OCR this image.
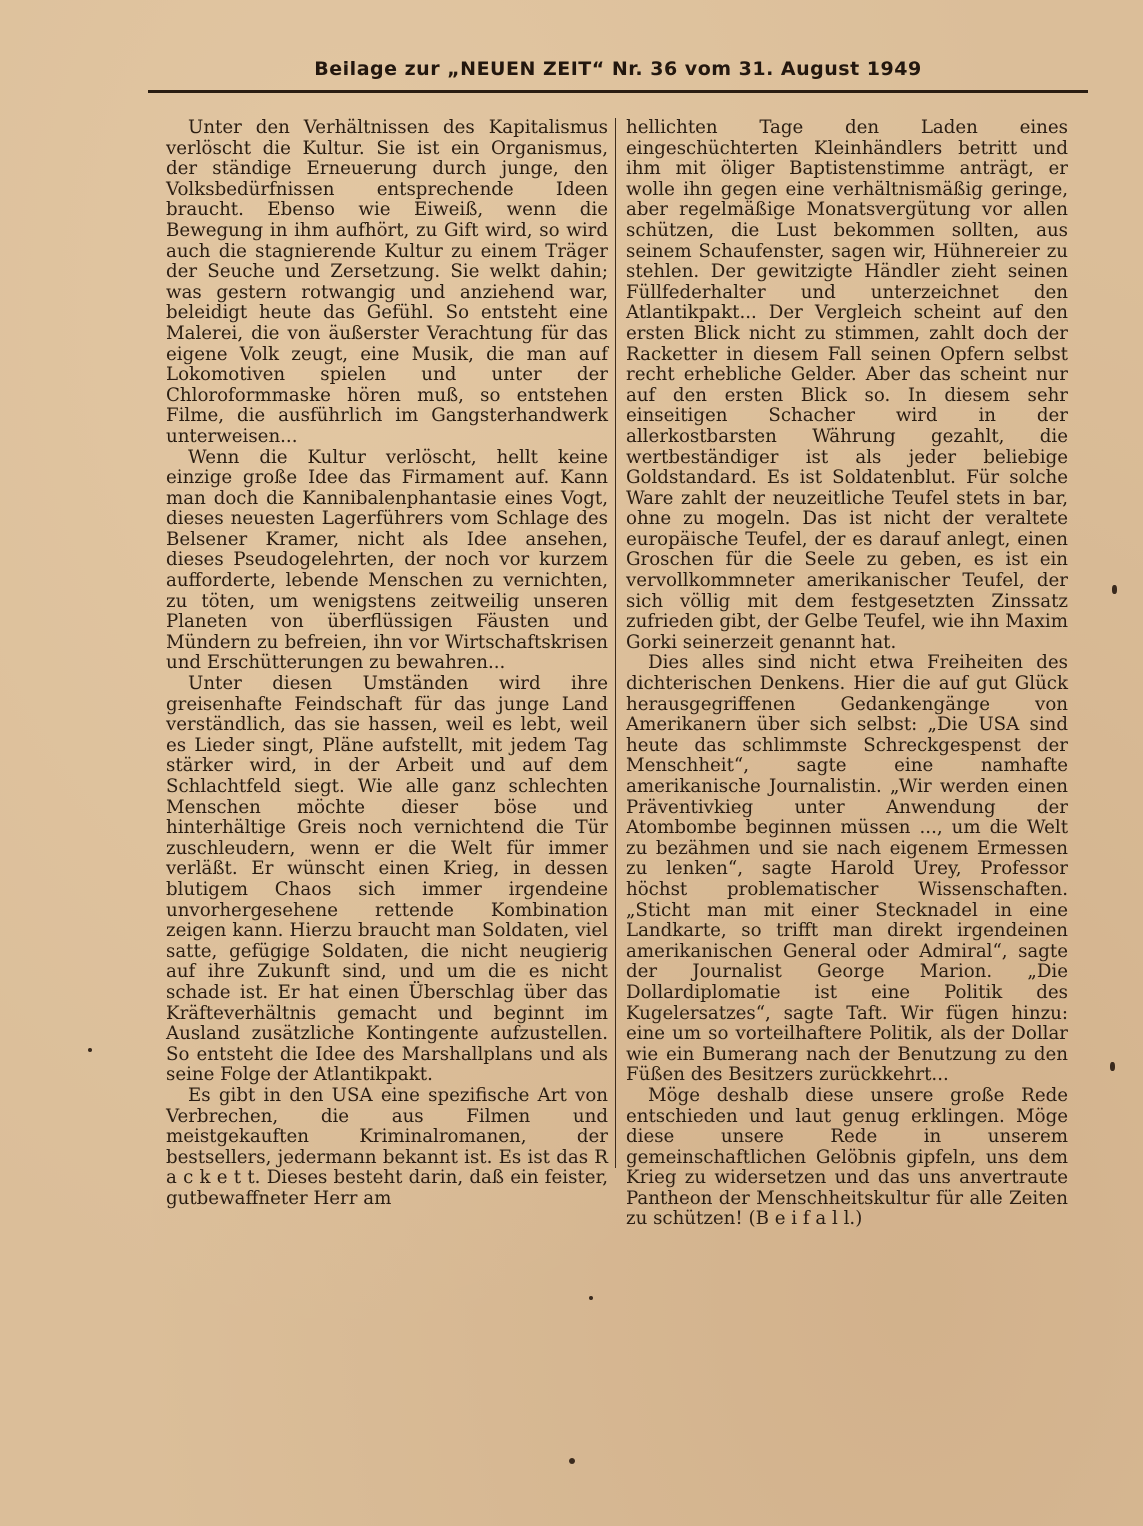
Beilage zur „NEUEN ZEIT“ Nr. 36 vom 31. August 1949

Unter den Verhältnissen des Kapitalismus verlöscht die Kultur. Sie ist ein Organismus, der ständige Erneuerung durch junge, den Volksbedürfnissen entsprechende Ideen braucht. Ebenso wie Eiweiß, wenn die Bewegung in ihm aufhört, zu Gift wird, so wird auch die stagnierende Kultur zu einem Träger der Seuche und Zersetzung. Sie welkt dahin; was gestern rotwangig und anziehend war, beleidigt heute das Gefühl. So entsteht eine Malerei, die von äußerster Verachtung für das eigene Volk zeugt, eine Musik, die man auf Lokomotiven spielen und unter der Chloroformmaske hören muß, so entstehen Filme, die ausführlich im Gangsterhandwerk unterweisen...

Wenn die Kultur verlöscht, hellt keine einzige große Idee das Firmament auf. Kann man doch die Kannibalenphantasie eines Vogt, dieses neuesten Lagerführers vom Schlage des Belsener Kramer, nicht als Idee ansehen, dieses Pseudogelehrten, der noch vor kurzem aufforderte, lebende Menschen zu vernichten, zu töten, um wenigstens zeitweilig unseren Planeten von überflüssigen Fäusten und Mündern zu befreien, ihn vor Wirtschaftskrisen und Erschütterungen zu bewahren...

Unter diesen Umständen wird ihre greisenhafte Feindschaft für das junge Land verständlich, das sie hassen, weil es lebt, weil es Lieder singt, Pläne aufstellt, mit jedem Tag stärker wird, in der Arbeit und auf dem Schlachtfeld siegt. Wie alle ganz schlechten Menschen möchte dieser böse und hinterhältige Greis noch vernichtend die Tür zuschleudern, wenn er die Welt für immer verläßt. Er wünscht einen Krieg, in dessen blutigem Chaos sich immer irgendeine unvorhergesehene rettende Kombination zeigen kann. Hierzu braucht man Soldaten, viel satte, gefügige Soldaten, die nicht neugierig auf ihre Zukunft sind, und um die es nicht schade ist. Er hat einen Überschlag über das Kräfteverhältnis gemacht und beginnt im Ausland zusätzliche Kontingente aufzustellen. So entsteht die Idee des Marshallplans und als seine Folge der Atlantikpakt.

Es gibt in den USA eine spezifische Art von Verbrechen, die aus Filmen und meistgekauften Kriminalromanen, der bestsellers, jedermann bekannt ist. Es ist das R a c k e t t. Dieses besteht darin, daß ein feister, gutbewaffneter Herr am

hellichten Tage den Laden eines eingeschüchterten Kleinhändlers betritt und ihm mit öliger Baptistenstimme anträgt, er wolle ihn gegen eine verhältnismäßig geringe, aber regelmäßige Monatsvergütung vor allen schützen, die Lust bekommen sollten, aus seinem Schaufenster, sagen wir, Hühnereier zu stehlen. Der gewitzigte Händler zieht seinen Füllfederhalter und unterzeichnet den Atlantikpakt... Der Vergleich scheint auf den ersten Blick nicht zu stimmen, zahlt doch der Racketter in diesem Fall seinen Opfern selbst recht erhebliche Gelder. Aber das scheint nur auf den ersten Blick so. In diesem sehr einseitigen Schacher wird in der allerkostbarsten Währung gezahlt, die wertbeständiger ist als jeder beliebige Goldstandard. Es ist Soldatenblut. Für solche Ware zahlt der neuzeitliche Teufel stets in bar, ohne zu mogeln. Das ist nicht der veraltete europäische Teufel, der es darauf anlegt, einen Groschen für die Seele zu geben, es ist ein vervollkommneter amerikanischer Teufel, der sich völlig mit dem festgesetzten Zinssatz zufrieden gibt, der Gelbe Teufel, wie ihn Maxim Gorki seinerzeit genannt hat.

Dies alles sind nicht etwa Freiheiten des dichterischen Denkens. Hier die auf gut Glück herausgegriffenen Gedankengänge von Amerikanern über sich selbst: „Die USA sind heute das schlimmste Schreckgespenst der Menschheit“, sagte eine namhafte amerikanische Journalistin. „Wir werden einen Präventivkieg unter Anwendung der Atombombe beginnen müssen ..., um die Welt zu bezähmen und sie nach eigenem Ermessen zu lenken“, sagte Harold Urey, Professor höchst problematischer Wissenschaften. „Sticht man mit einer Stecknadel in eine Landkarte, so trifft man direkt irgendeinen amerikanischen General oder Admiral“, sagte der Journalist George Marion. „Die Dollardiplomatie ist eine Politik des Kugelersatzes“, sagte Taft. Wir fügen hinzu: eine um so vorteilhaftere Politik, als der Dollar wie ein Bumerang nach der Benutzung zu den Füßen des Besitzers zurückkehrt...

Möge deshalb diese unsere große Rede entschieden und laut genug erklingen. Möge diese unsere Rede in unserem gemeinschaftlichen Gelöbnis gipfeln, uns dem Krieg zu widersetzen und das uns anvertraute Pantheon der Menschheitskultur für alle Zeiten zu schützen! (B e i f a l l.)
